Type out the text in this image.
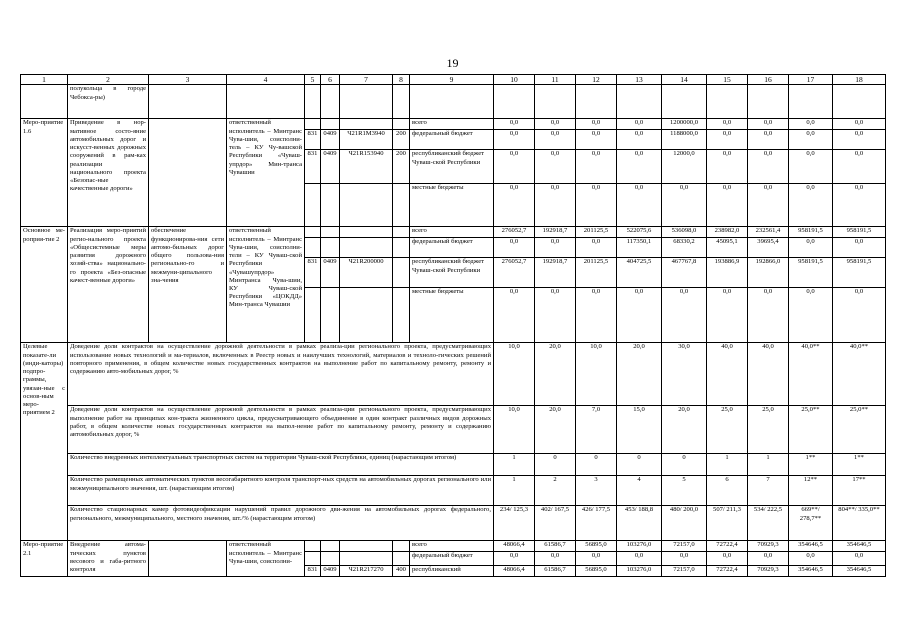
19
1	2	3	4	5	6	7	8	9	10	11	12	13	14	15	16	17	18
	полукольца в городе Чебокса-ры)																
Меро-приятие 1.6	Приведение в нор-мативное состо-яние автомобильных дорог и искусст-венных дорожных сооружений в рам-ках реализации национального проекта «Безопас-ные качественные дороги»		ответственный исполнитель – Минтранс Чува-шии, соисполни-тель – КУ Чу-вашской Республики «Чуваш-упрдор» Мин-транса Чувашии					всего	0,0	0,0	0,0	0,0	1200000,0	0,0	0,0	0,0	0,0
				831	0409	Ч21R1М3940	200	федеральный бюджет	0,0	0,0	0,0	0,0	1188000,0	0,0	0,0	0,0	0,0
				831	0409	Ч21R153940	200	республиканский бюджет Чуваш-ской Республики	0,0	0,0	0,0	0,0	12000,0	0,0	0,0	0,0	0,0
								местные бюджеты	0,0	0,0	0,0	0,0	0,0	0,0	0,0	0,0	0,0
Основное ме-роприя-тие 2	Реализация меро-приятий регио-нального проекта «Общесистемные меры развития дорожного хозяй-ства» национально-го проекта «Без-опасные качест-венные дороги»	обеспечение функционирова-ния сети автомо-бильных дорог общего пользова-ния регионально-го и межмуни-ципального зна-чения	ответственный исполнитель – Минтранс Чува-шии, соисполни-тели – КУ Чуваш-ской Республики «Чувашупрдор» Минтранса Чува-шии, КУ Чуваш-ской Республики «ЦОКДД» Мин-транса Чувашии					всего	276052,7	192918,7	201125,5	522075,6	536098,0	238982,0	232561,4	958191,5	958191,5
								федеральный бюджет	0,0	0,0	0,0	117350,1	68330,2	45095,1	39695,4	0,0	0,0
				831	0409	Ч21R200000		республиканский бюджет Чуваш-ской Республики	276052,7	192918,7	201125,5	404725,5	467767,8	193886,9	192866,0	958191,5	958191,5
								местные бюджеты	0,0	0,0	0,0	0,0	0,0	0,0	0,0	0,0	0,0
Целевые показате-ли (инди-каторы) подпро-граммы, увязан-ные с основ-ным меро-приятием 2	Доведение доли контрактов на осуществление дорожной деятельности в рамках реализа-ции регионального проекта, предусматривающих использование новых технологий и ма-териалов, включенных в Реестр новых и наилучших технологий, материалов и техноло-гических решений повторного применения, в общем количестве новых государственных контрактов на выполнение работ по капитальному ремонту, ремонту и содержанию авто-мобильных дорог, %								10,0	20,0	10,0	20,0	30,0	40,0	40,0	40,0**	40,0**
	Доведение доли контрактов на осуществление дорожной деятельности в рамках реализа-ции регионального проекта, предусматривающих выполнение работ на принципах кон-тракта жизненного цикла, предусматривающего объединение в один контракт различных видов дорожных работ, в общем количестве новых государственных контрактов на выпол-нение работ по капитальному ремонту, ремонту и содержанию автомобильных дорог, %								10,0	20,0	7,0	15,0	20,0	25,0	25,0	25,0**	25,0**
	Количество внедренных интеллектуальных транспортных систем на территории Чуваш-ской Республики, единиц (нарастающим итогом)								1	0	0	0	0	1	1	1**	1**
	Количество размещенных автоматических пунктов весогабаритного контроля транспорт-ных средств на автомобильных дорогах регионального или межмуниципального значения, шт. (нарастающим итогом)								1	2	3	4	5	6	7	12**	17**
	Количество стационарных камер фотовидеофиксации нарушений правил дорожного дви-жения на автомобильных дорогах федерального, регионального, межмуниципального, местного значения, шт./% (нарастающим итогом)								234/ 125,3	402/ 167,5	426/ 177,5	453/ 188,8	480/ 200,0	507/ 211,3	534/ 222,5	669**/ 278,7**	804**/ 335,0**
Меро-приятие 2.1	Внедрение автома-тических пунктов весового и габа-ритного контроля		ответственный исполнитель – Минтранс Чува-шии, соисполни-					всего	48066,4	61586,7	56895,0	103276,0	72157,0	72722,4	70929,3	354646,5	354646,5
								федеральный бюджет	0,0	0,0	0,0	0,0	0,0	0,0	0,0	0,0	0,0
				831	0409	Ч21R217270	400	республиканский	48066,4	61586,7	56895,0	103276,0	72157,0	72722,4	70929,3	354646,5	354646,5
